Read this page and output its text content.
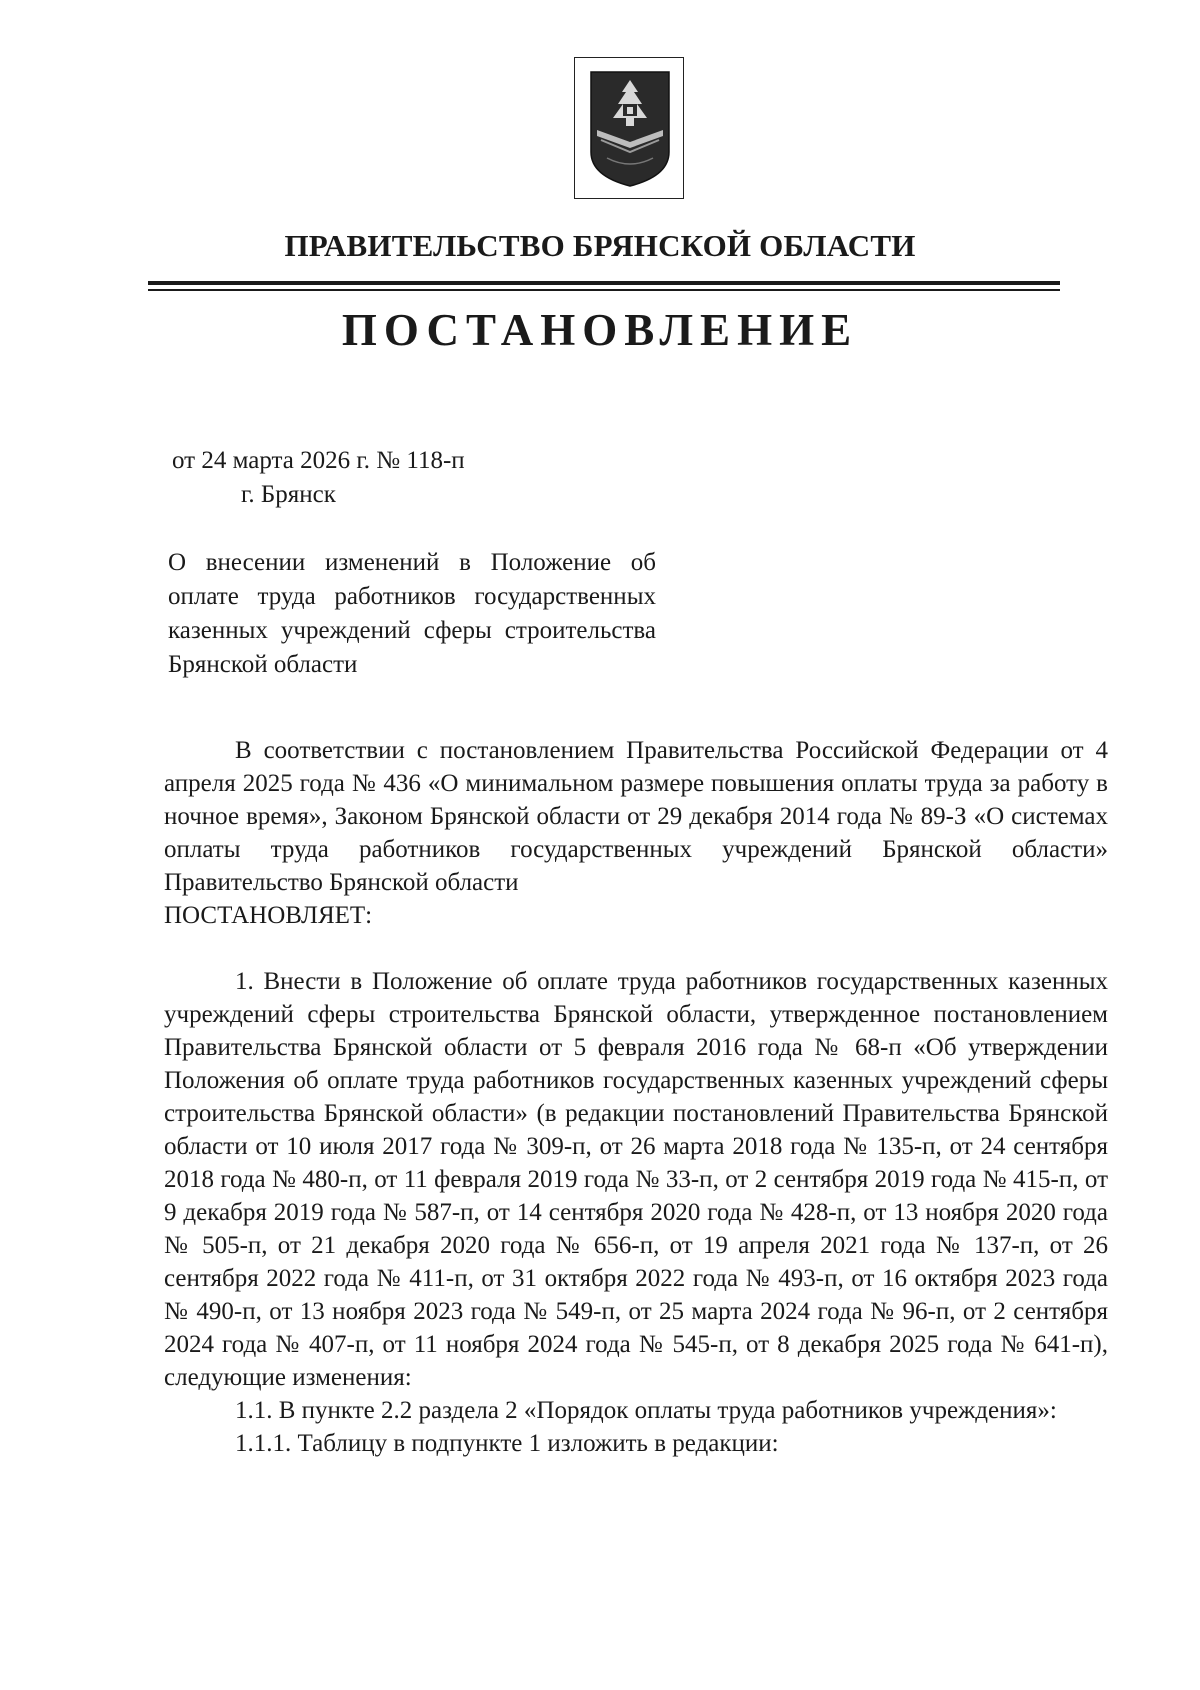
ПРАВИТЕЛЬСТВО БРЯНСКОЙ ОБЛАСТИ
ПОСТАНОВЛЕНИЕ
от 24 марта 2026 г. № 118-п
г. Брянск
О внесении изменений в Положение об оплате труда работников государственных казенных учреждений сферы строительства Брянской области

В соответствии с постановлением Правительства Российской Федерации от 4 апреля 2025 года № 436 «О минимальном размере повышения оплаты труда за работу в ночное время», Законом Брянской области от 29 декабря 2014 года № 89-З «О системах оплаты труда работников государственных учреждений Брянской области» Правительство Брянской области

ПОСТАНОВЛЯЕТ:

1. Внести в Положение об оплате труда работников государственных казенных учреждений сферы строительства Брянской области, утвержденное постановлением Правительства Брянской области от 5 февраля 2016 года № 68-п «Об утверждении Положения об оплате труда работников государственных казенных учреждений сферы строительства Брянской области» (в редакции постановлений Правительства Брянской области от 10 июля 2017 года № 309-п, от 26 марта 2018 года № 135-п, от 24 сентября 2018 года № 480-п, от 11 февраля 2019 года № 33-п, от 2 сентября 2019 года № 415-п, от 9 декабря 2019 года № 587-п, от 14 сентября 2020 года № 428-п, от 13 ноября 2020 года № 505-п, от 21 декабря 2020 года № 656-п, от 19 апреля 2021 года № 137-п, от 26 сентября 2022 года № 411-п, от 31 октября 2022 года № 493-п, от 16 октября 2023 года № 490-п, от 13 ноября 2023 года № 549-п, от 25 марта 2024 года № 96-п, от 2 сентября 2024 года № 407-п, от 11 ноября 2024 года № 545-п, от 8 декабря 2025 года № 641-п), следующие изменения:

1.1. В пункте 2.2 раздела 2 «Порядок оплаты труда работников учреждения»:

1.1.1. Таблицу в подпункте 1 изложить в редакции:
